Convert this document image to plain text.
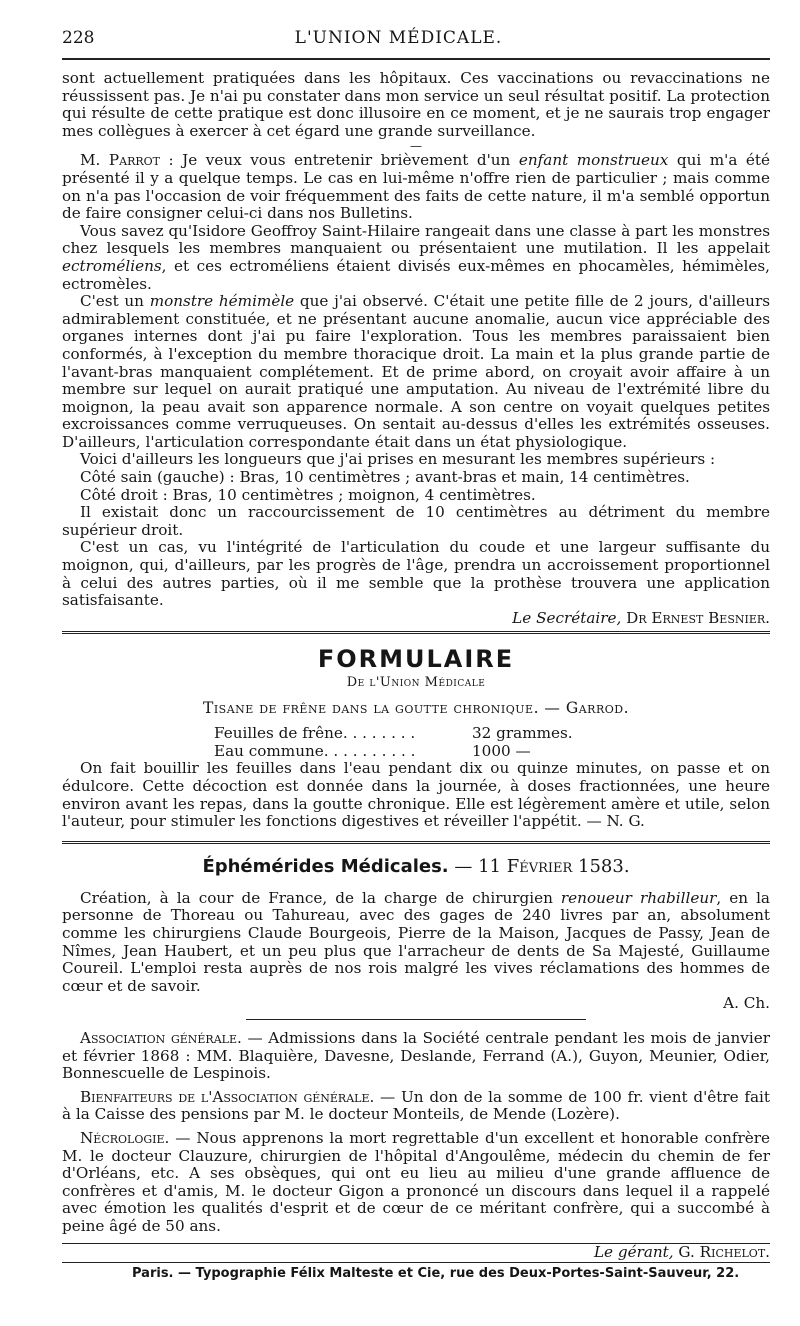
228	L'UNION MÉDICALE.

sont actuellement pratiquées dans les hôpitaux. Ces vaccinations ou revaccinations ne réussissent pas. Je n'ai pu constater dans mon service un seul résultat positif. La protection qui résulte de cette pratique est donc illusoire en ce moment, et je ne saurais trop engager mes collègues à exercer à cet égard une grande surveillance.

—

M. Parrot : Je veux vous entretenir brièvement d'un enfant monstrueux qui m'a été présenté il y a quelque temps. Le cas en lui-même n'offre rien de particulier ; mais comme on n'a pas l'occasion de voir fréquemment des faits de cette nature, il m'a semblé opportun de faire consigner celui-ci dans nos Bulletins.

Vous savez qu'Isidore Geoffroy Saint-Hilaire rangeait dans une classe à part les monstres chez lesquels les membres manquaient ou présentaient une mutilation. Il les appelait ectroméliens, et ces ectroméliens étaient divisés eux-mêmes en phocamèles, hémimèles, ectromèles.

C'est un monstre hémimèle que j'ai observé. C'était une petite fille de 2 jours, d'ailleurs admirablement constituée, et ne présentant aucune anomalie, aucun vice appréciable des organes internes dont j'ai pu faire l'exploration. Tous les membres paraissaient bien conformés, à l'exception du membre thoracique droit. La main et la plus grande partie de l'avant-bras manquaient complétement. Et de prime abord, on croyait avoir affaire à un membre sur lequel on aurait pratiqué une amputation. Au niveau de l'extrémité libre du moignon, la peau avait son apparence normale. A son centre on voyait quelques petites excroissances comme verruqueuses. On sentait au-dessus d'elles les extrémités osseuses. D'ailleurs, l'articulation correspondante était dans un état physiologique.

Voici d'ailleurs les longueurs que j'ai prises en mesurant les membres supérieurs :

Côté sain (gauche) : Bras, 10 centimètres ; avant-bras et main, 14 centimètres.

Côté droit : Bras, 10 centimètres ; moignon, 4 centimètres.

Il existait donc un raccourcissement de 10 centimètres au détriment du membre supérieur droit.

C'est un cas, vu l'intégrité de l'articulation du coude et une largeur suffisante du moignon, qui, d'ailleurs, par les progrès de l'âge, prendra un accroissement proportionnel à celui des autres parties, où il me semble que la prothèse trouvera une application satisfaisante.

Le Secrétaire, Dr Ernest Besnier.

FORMULAIRE
De l'Union Médicale
Tisane de frêne dans la goutte chronique. — Garrod.
Feuilles de frêne. . . . . . . .	32 grammes.
Eau commune. . . . . . . . . .	1000 —

On fait bouillir les feuilles dans l'eau pendant dix ou quinze minutes, on passe et on édulcore. Cette décoction est donnée dans la journée, à doses fractionnées, une heure environ avant les repas, dans la goutte chronique. Elle est légèrement amère et utile, selon l'auteur, pour stimuler les fonctions digestives et réveiller l'appétit. — N. G.

Éphémérides Médicales. — 11 Février 1583.

Création, à la cour de France, de la charge de chirurgien renoueur rhabilleur, en la personne de Thoreau ou Tahureau, avec des gages de 240 livres par an, absolument comme les chirurgiens Claude Bourgeois, Pierre de la Maison, Jacques de Passy, Jean de Nîmes, Jean Haubert, et un peu plus que l'arracheur de dents de Sa Majesté, Guillaume Coureil. L'emploi resta auprès de nos rois malgré les vives réclamations des hommes de cœur et de savoir.

A. Ch.

Association générale. — Admissions dans la Société centrale pendant les mois de janvier et février 1868 : MM. Blaquière, Davesne, Deslande, Ferrand (A.), Guyon, Meunier, Odier, Bonnescuelle de Lespinois.

Bienfaiteurs de l'Association générale. — Un don de la somme de 100 fr. vient d'être fait à la Caisse des pensions par M. le docteur Monteils, de Mende (Lozère).

Nécrologie. — Nous apprenons la mort regrettable d'un excellent et honorable confrère M. le docteur Clauzure, chirurgien de l'hôpital d'Angoulême, médecin du chemin de fer d'Orléans, etc. A ses obsèques, qui ont eu lieu au milieu d'une grande affluence de confrères et d'amis, M. le docteur Gigon a prononcé un discours dans lequel il a rappelé avec émotion les qualités d'esprit et de cœur de ce méritant confrère, qui a succombé à peine âgé de 50 ans.

Le gérant, G. Richelot.

Paris. — Typographie Félix Malteste et Cie, rue des Deux-Portes-Saint-Sauveur, 22.
